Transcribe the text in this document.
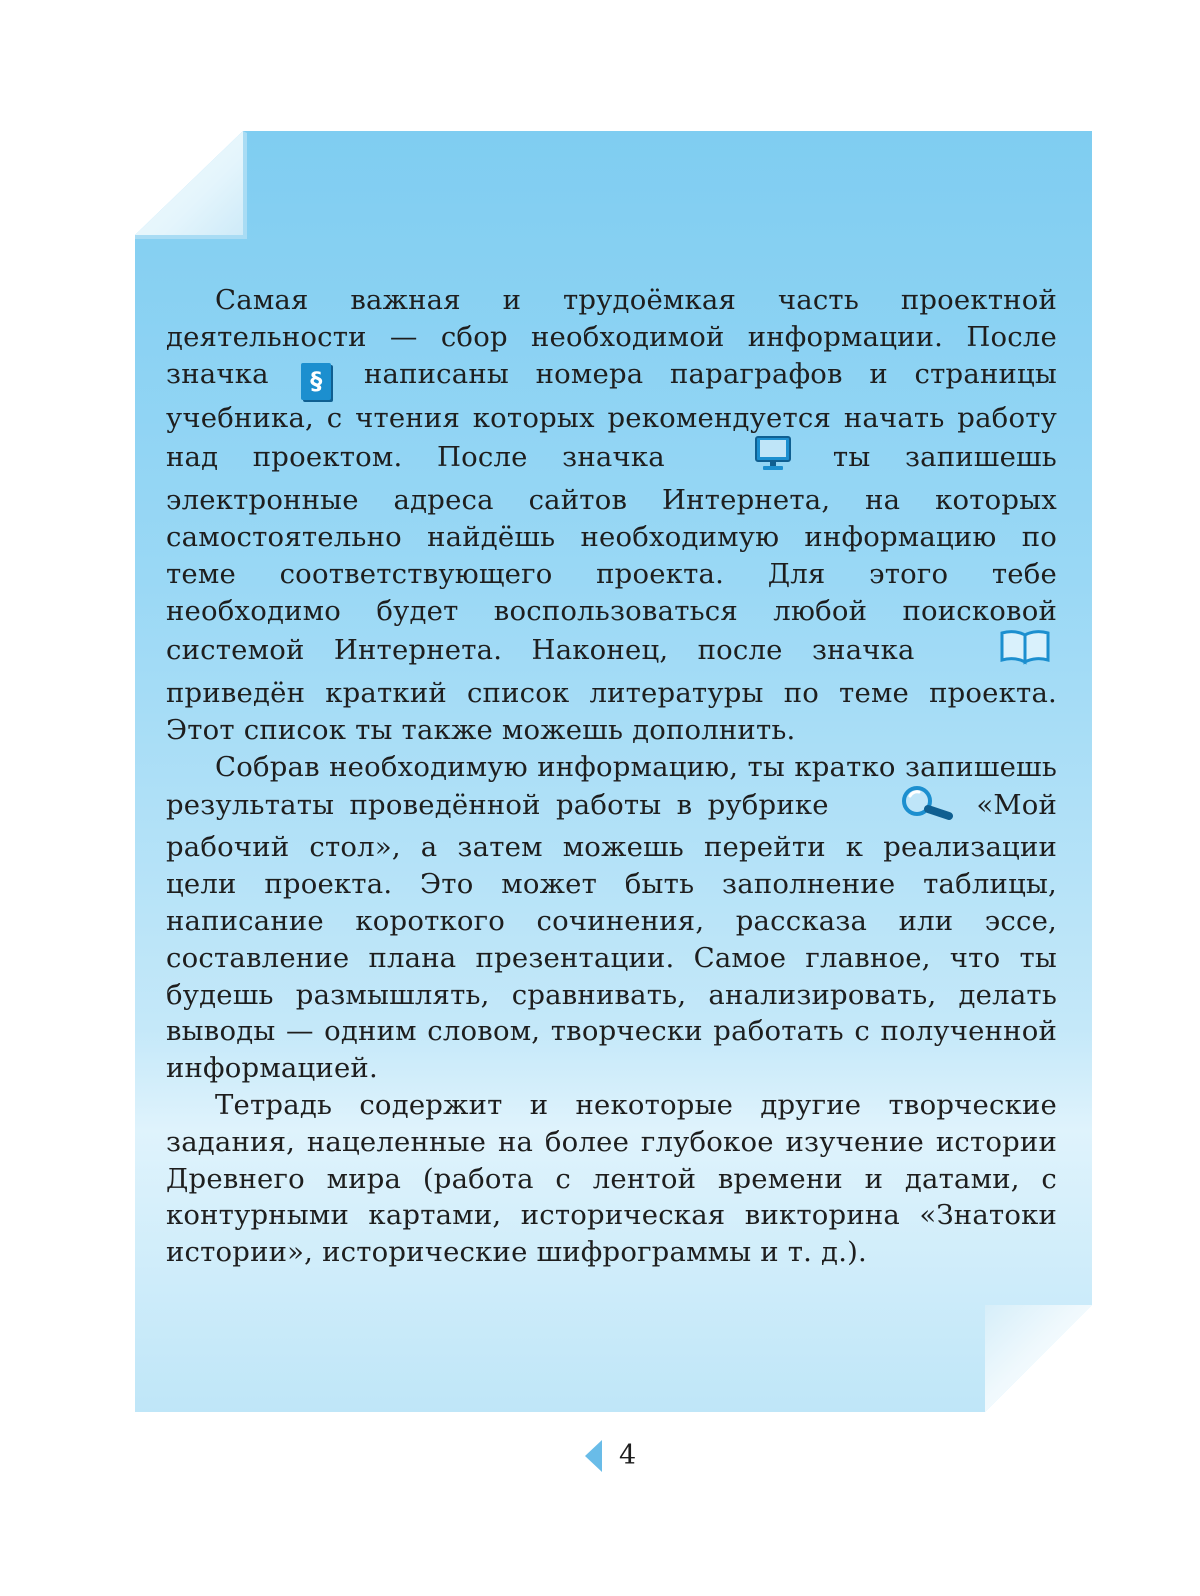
Самая важная и трудоёмкая часть проектной деятельности — сбор необходимой информации. После значка § написаны номера параграфов и страницы учебника, с чтения которых рекомендуется начать работу над проектом. После значка	ты запишешь электронные адреса сайтов Интернета, на которых самостоятельно найдёшь необходимую информацию по теме соответствующего проекта. Для этого тебе необходимо будет воспользоваться любой поисковой системой Интернета. Наконец, после значка  приведён краткий список литературы по теме проекта. Этот список ты также можешь дополнить.

Собрав необходимую информацию, ты кратко запишешь результаты проведённой работы в рубрике	«Мой рабочий стол», а затем можешь перейти к реализации цели проекта. Это может быть заполнение таблицы, написание короткого сочинения, рассказа или эссе, составление плана презентации. Самое главное, что ты будешь размышлять, сравнивать, анализировать, делать выводы — одним словом, творчески работать с полученной информацией.

Тетрадь содержит и некоторые другие творческие задания, нацеленные на более глубокое изучение истории Древнего мира (работа с лентой времени и датами, с контурными картами, историческая викторина «Знатоки истории», исторические шифрограммы и т. д.).

4
